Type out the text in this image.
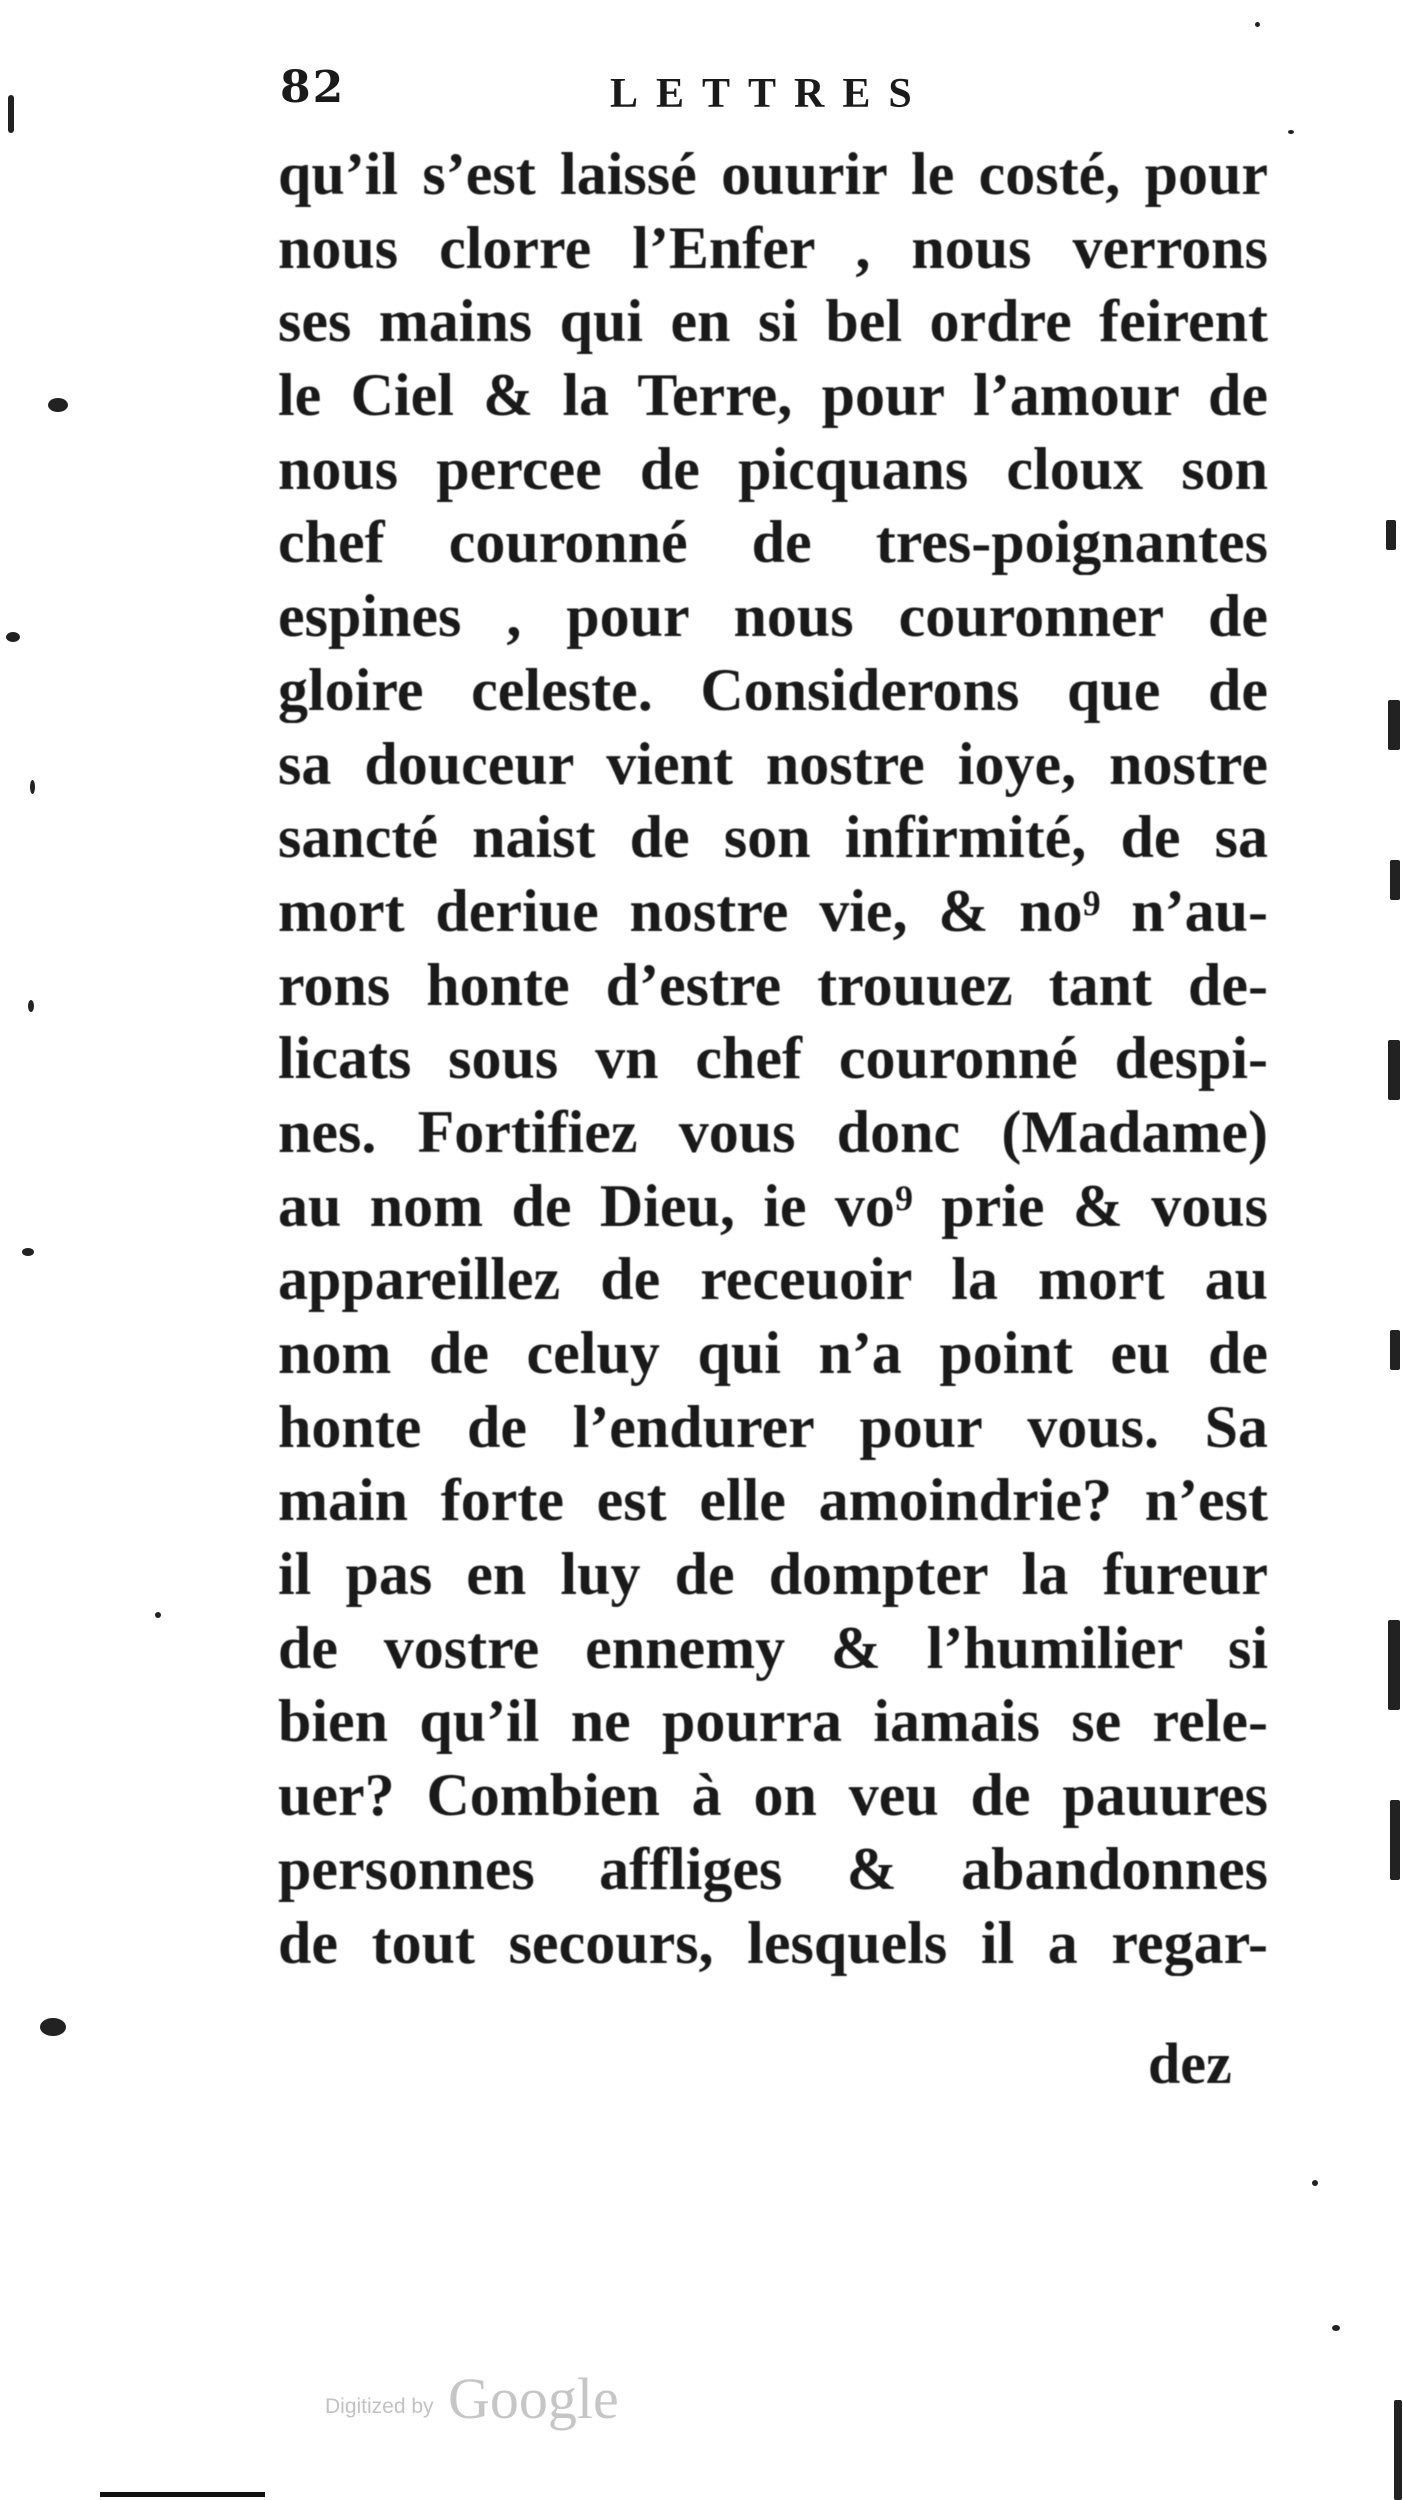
82	LETTRES
qu’il s’est laissé ouurir le costé, pour
nous clorre l’Enfer , nous verrons
ses mains qui en si bel ordre feirent
le Ciel & la Terre, pour l’amour de
nous percee de picquans cloux son
chef couronné de tres-poignantes
espines , pour nous couronner de
gloire celeste. Considerons que de
sa douceur vient nostre ioye, nostre
sancté naist de son infirmité, de sa
mort deriue nostre vie, & no⁹ n’au-
rons honte d’estre trouuez tant de-
licats sous vn chef couronné despi-
nes. Fortifiez vous donc (Madame)
au nom de Dieu, ie vo⁹ prie & vous
appareillez de receuoir la mort au
nom de celuy qui n’a point eu de
honte de l’endurer pour vous. Sa
main forte est elle amoindrie? n’est
il pas en luy de dompter la fureur
de vostre ennemy & l’humilier si
bien qu’il ne pourra iamais se rele-
uer? Combien à on veu de pauures
personnes affliges & abandonnes
de tout secours, lesquels il a regar-
dez
Digitized by Google
